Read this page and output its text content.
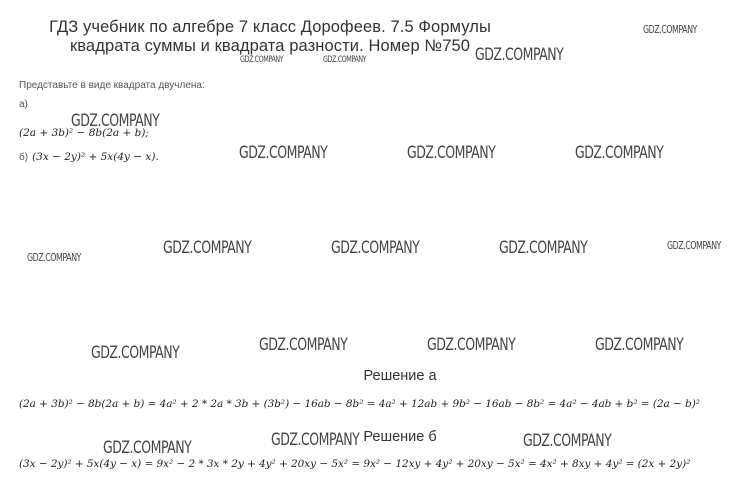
ГДЗ учебник по алгебре 7 класс Дорофеев. 7.5 Формулы
квадрата суммы и квадрата разности. Номер №750
Представьте в виде квадрата двучлена:
а)
(2a + 3b)² − 8b(2a + b);
б) (3x − 2y)² + 5x(4y − x).
Решение а
(2a + 3b)² − 8b(2a + b) = 4a² + 2 * 2a * 3b + (3b²) − 16ab − 8b² = 4a² + 12ab + 9b² − 16ab − 8b² = 4a² − 4ab + b² = (2a − b)²
Решение б
(3x − 2y)² + 5x(4y − x) = 9x² − 2 * 3x * 2y + 4y² + 20xy − 5x² = 9x² − 12xy + 4y² + 20xy − 5x² = 4x² + 8xy + 4y² = (2x + 2y)²
GDZ.COMPANY
GDZ.COMPANY
GDZ.COMPANY	GDZ.COMPANY
GDZ.COMPANY
GDZ.COMPANY	GDZ.COMPANY	GDZ.COMPANY
GDZ.COMPANY	GDZ.COMPANY	GDZ.COMPANY	GDZ.COMPANY
GDZ.COMPANY
GDZ.COMPANY	GDZ.COMPANY	GDZ.COMPANY	GDZ.COMPANY
GDZ.COMPANY	GDZ.COMPANY	GDZ.COMPANY
